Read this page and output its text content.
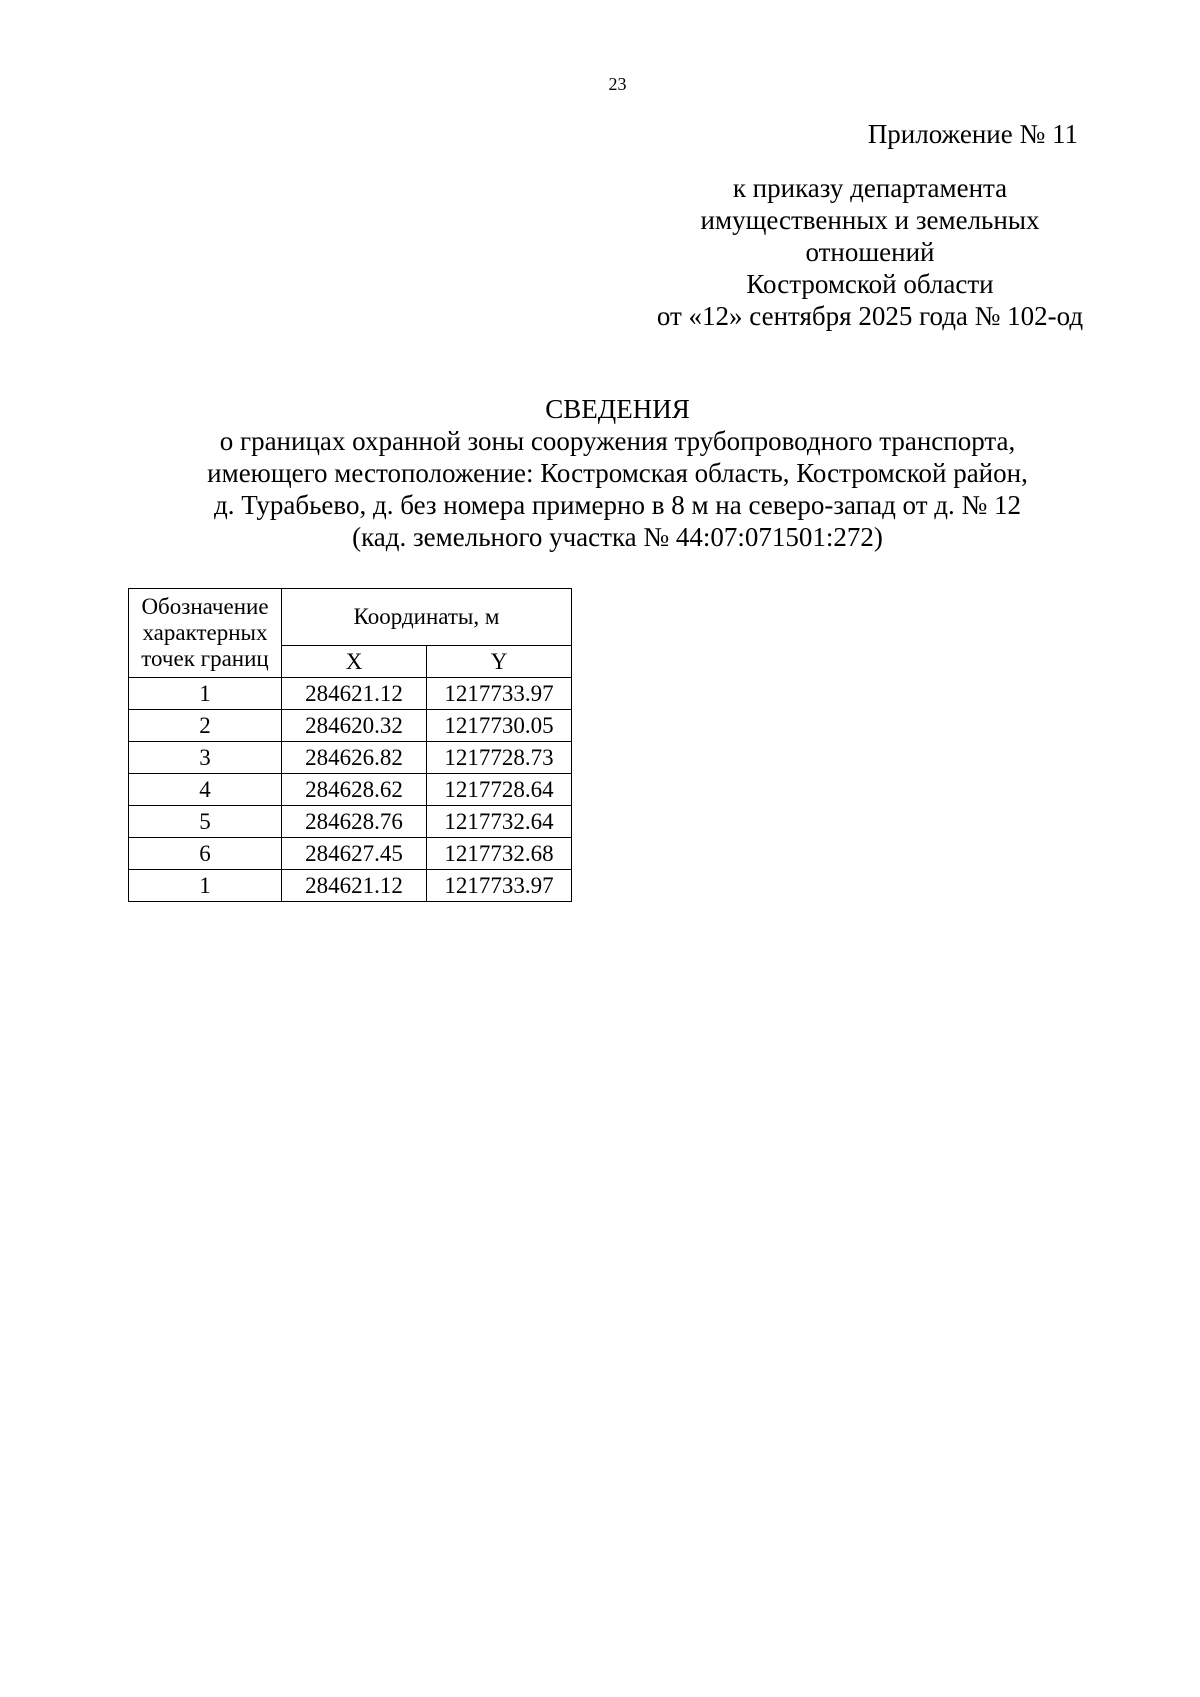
23
Приложение № 11
к приказу департамента
имущественных и земельных
отношений
Костромской области
от «12» сентября 2025 года № 102-од
СВЕДЕНИЯ
о границах охранной зоны сооружения трубопроводного транспорта,
имеющего местоположение: Костромская область, Костромской район,
д. Турабьево, д. без номера примерно в 8 м на северо-запад от д. № 12
(кад. земельного участка № 44:07:071501:272)
Обозначение
характерных
точек границ	Координаты, м	
	X	Y
1	284621.12	1217733.97
2	284620.32	1217730.05
3	284626.82	1217728.73
4	284628.62	1217728.64
5	284628.76	1217732.64
6	284627.45	1217732.68
1	284621.12	1217733.97
